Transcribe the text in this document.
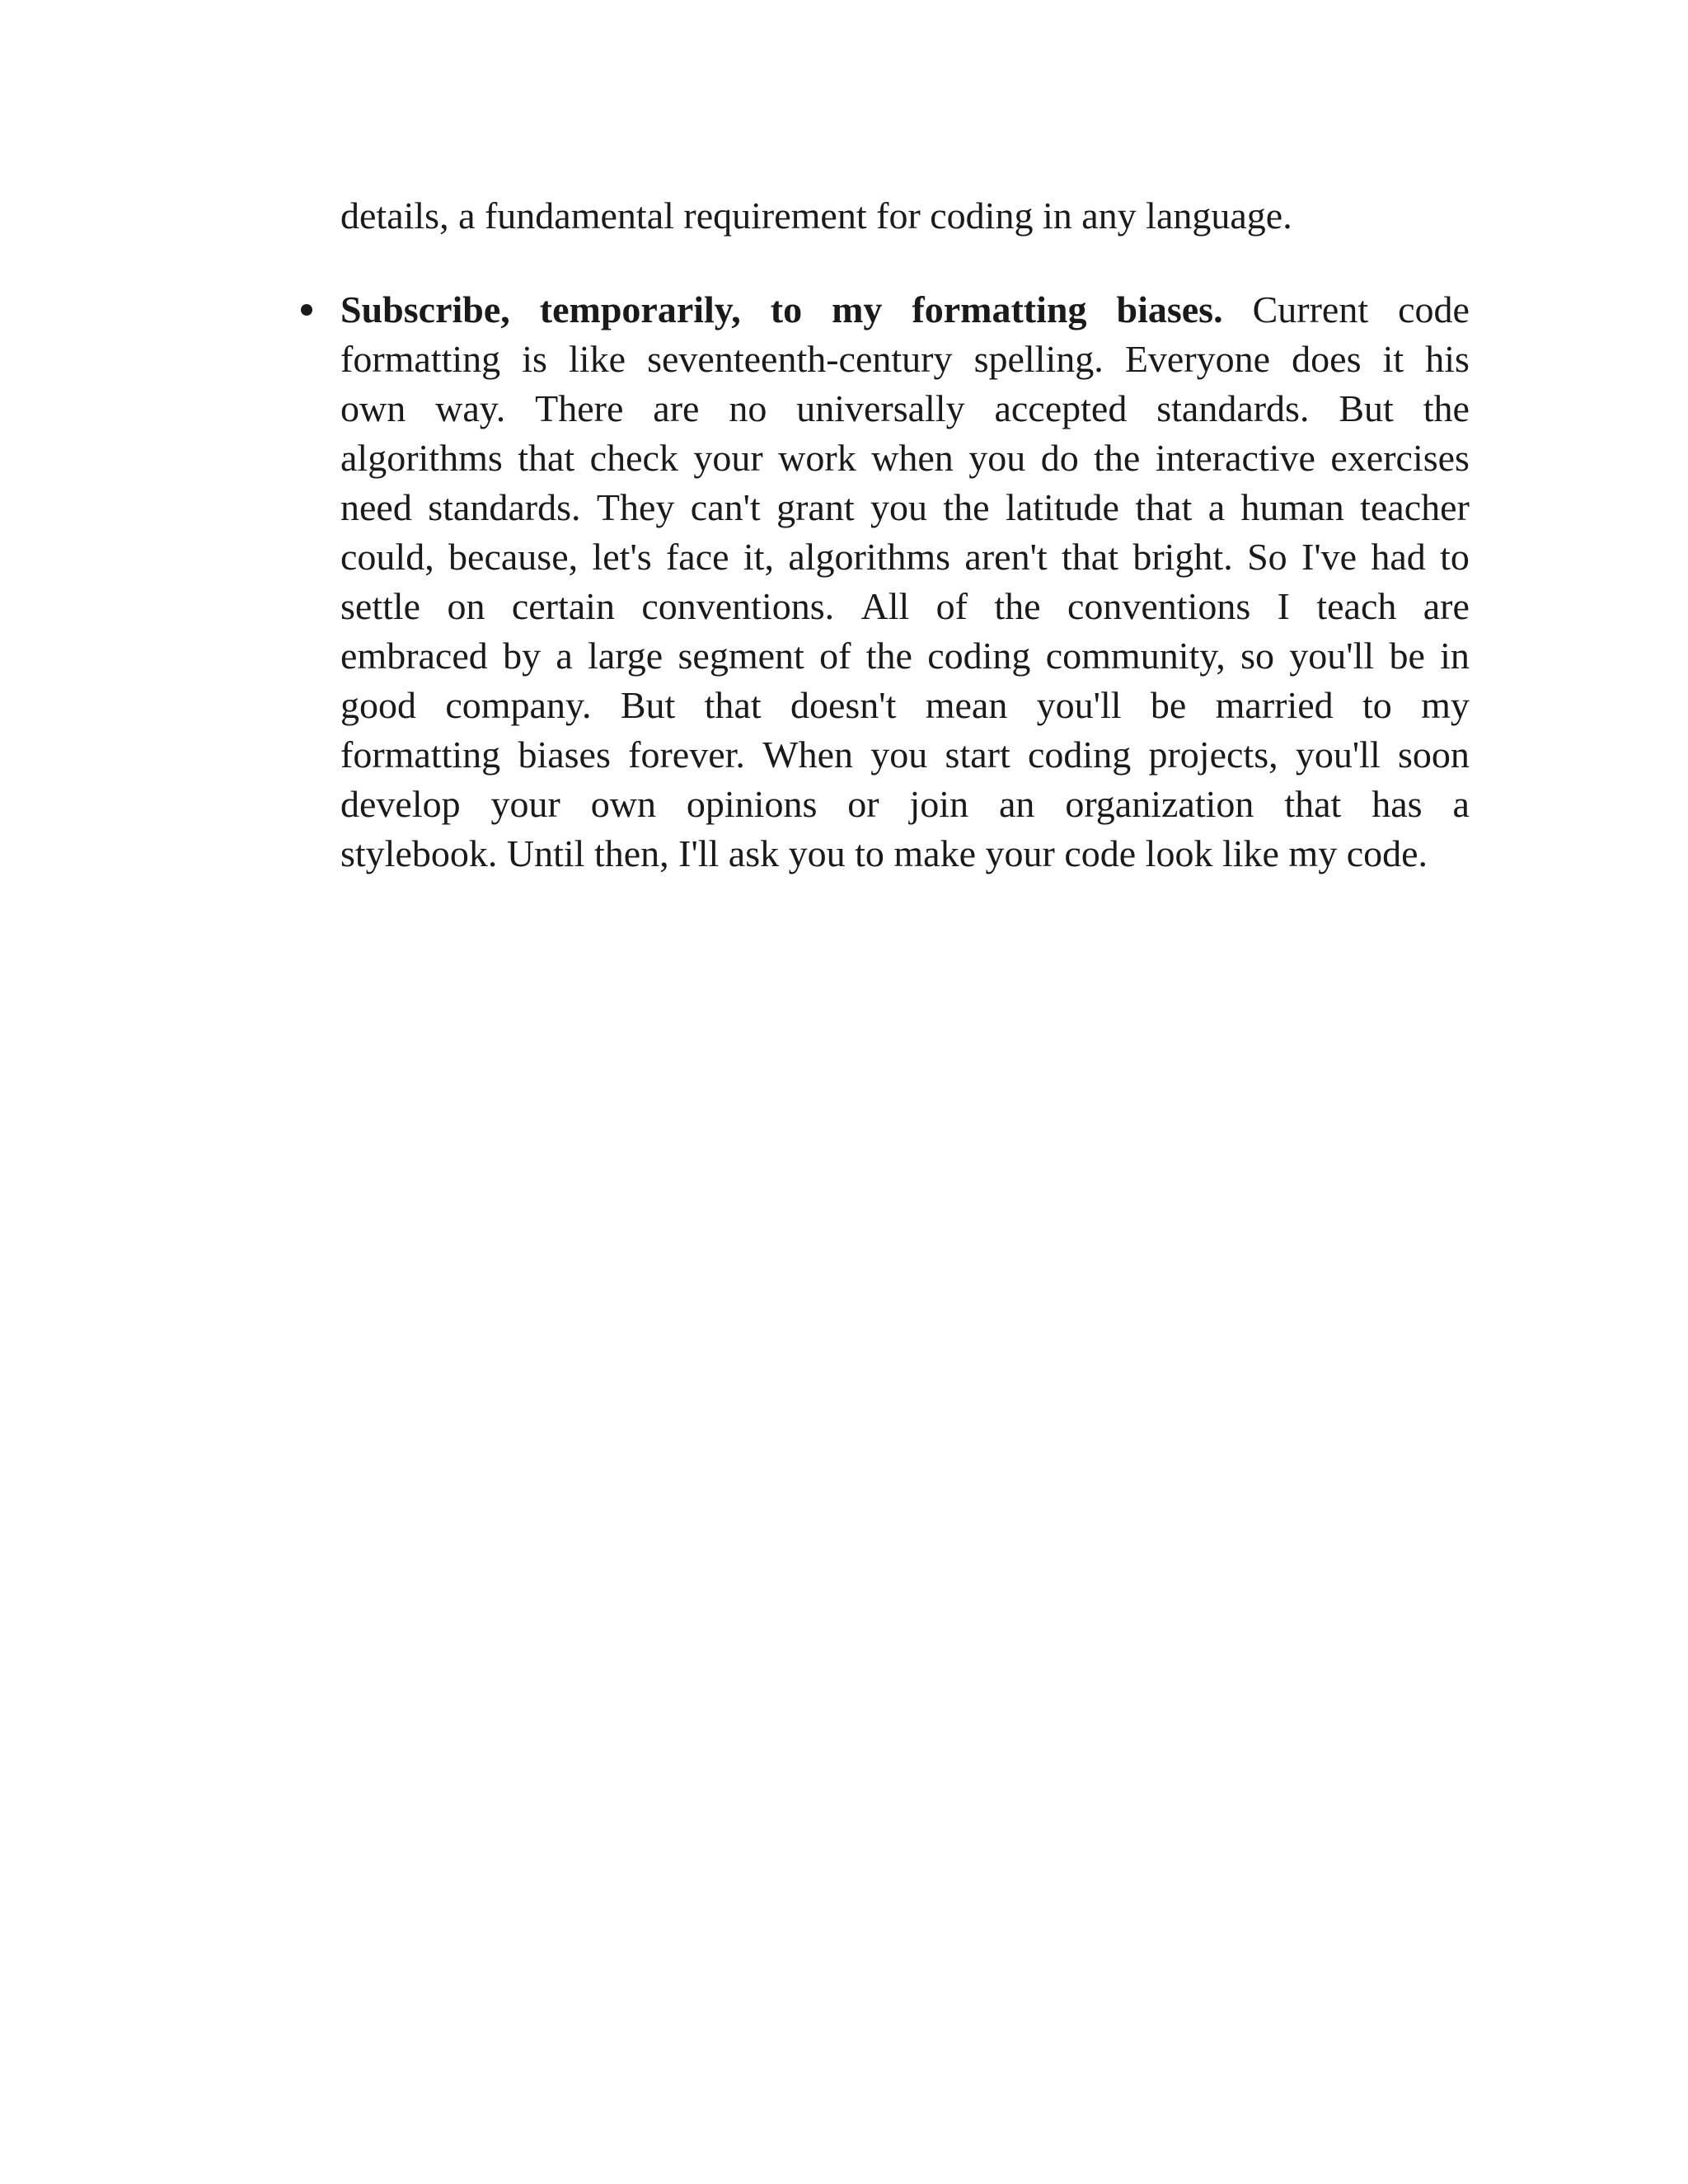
details, a fundamental requirement for coding in any language.

Subscribe, temporarily, to my formatting biases. Current code
formatting is like seventeenth-century spelling. Everyone does it his
own way. There are no universally accepted standards. But the
algorithms that check your work when you do the interactive exercises
need standards. They can't grant you the latitude that a human teacher
could, because, let's face it, algorithms aren't that bright. So I've had to
settle on certain conventions. All of the conventions I teach are
embraced by a large segment of the coding community, so you'll be in
good company. But that doesn't mean you'll be married to my
formatting biases forever. When you start coding projects, you'll soon
develop your own opinions or join an organization that has a
stylebook. Until then, I'll ask you to make your code look like my code.
